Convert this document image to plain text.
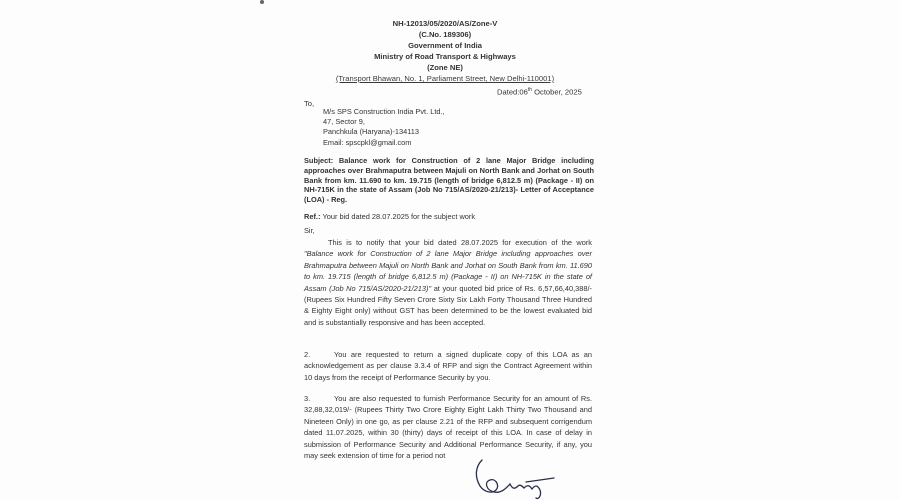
NH-12013/05/2020/AS/Zone-V
(C.No. 189306)
Government of India
Ministry of Road Transport & Highways
(Zone NE)
(Transport Bhawan, No. 1, Parliament Street, New Delhi-110001)
Dated:06th October, 2025
To,
M/s SPS Construction India Pvt. Ltd.,
47, Sector 9,
Panchkula (Haryana)-134113
Email: spscpkl@gmail.com
Subject: Balance work for Construction of 2 lane Major Bridge including approaches over Brahmaputra between Majuli on North Bank and Jorhat on South Bank from km. 11.690 to km. 19.715 (length of bridge 6,812.5 m) (Package - II) on NH-715K in the state of Assam (Job No 715/AS/2020-21/213)- Letter of Acceptance (LOA) - Reg.
Ref.: Your bid dated 28.07.2025 for the subject work
Sir,
This is to notify that your bid dated 28.07.2025 for execution of the work "Balance work for Construction of 2 lane Major Bridge including approaches over Brahmaputra between Majuli on North Bank and Jorhat on South Bank from km. 11.690 to km. 19.715 (length of bridge 6,812.5 m) (Package - II) on NH-715K in the state of Assam (Job No 715/AS/2020-21/213)" at your quoted bid price of Rs. 6,57,66,40,388/- (Rupees Six Hundred Fifty Seven Crore Sixty Six Lakh Forty Thousand Three Hundred & Eighty Eight only) without GST has been determined to be the lowest evaluated bid and is substantially responsive and has been accepted.
2.	You are requested to return a signed duplicate copy of this LOA as an acknowledgement as per clause 3.3.4 of RFP and sign the Contract Agreement within 10 days from the receipt of Performance Security by you.
3.	You are also requested to furnish Performance Security for an amount of Rs. 32,88,32,019/- (Rupees Thirty Two Crore Eighty Eight Lakh Thirty Two Thousand and Nineteen Only) in one go, as per clause 2.21 of the RFP and subsequent corrigendum dated 11.07.2025, within 30 (thirty) days of receipt of this LOA. In case of delay in submission of Performance Security and Additional Performance Security, if any, you may seek extension of time for a period not
